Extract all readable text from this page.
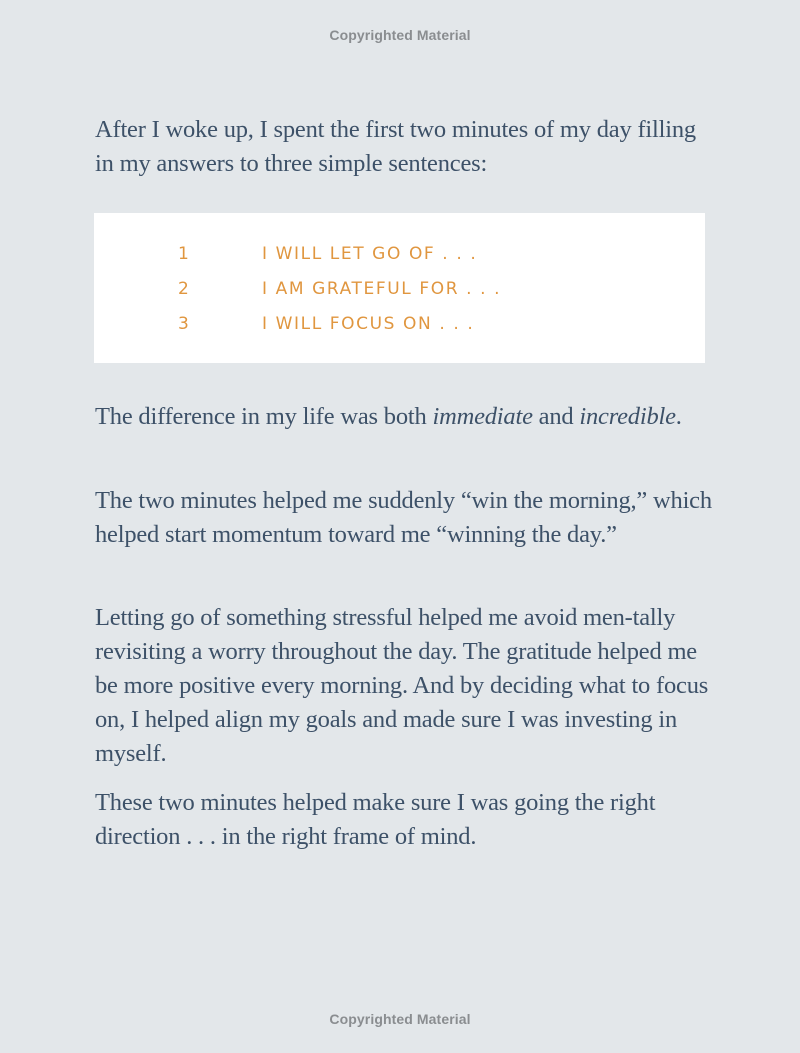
Copyrighted Material

After I woke up, I spent the first two minutes of my day filling in my answers to three simple sentences:

1	I WILL LET GO OF . . .
2	I AM GRATEFUL FOR . . .
3	I WILL FOCUS ON . . .

The difference in my life was both immediate and incredible.

The two minutes helped me suddenly “win the morning,” which helped start momentum toward me “winning the day.”

Letting go of something stressful helped me avoid men-tally revisiting a worry throughout the day. The gratitude helped me be more positive every morning. And by deciding what to focus on, I helped align my goals and made sure I was investing in myself.

These two minutes helped make sure I was going the right direction . . . in the right frame of mind.

Copyrighted Material
